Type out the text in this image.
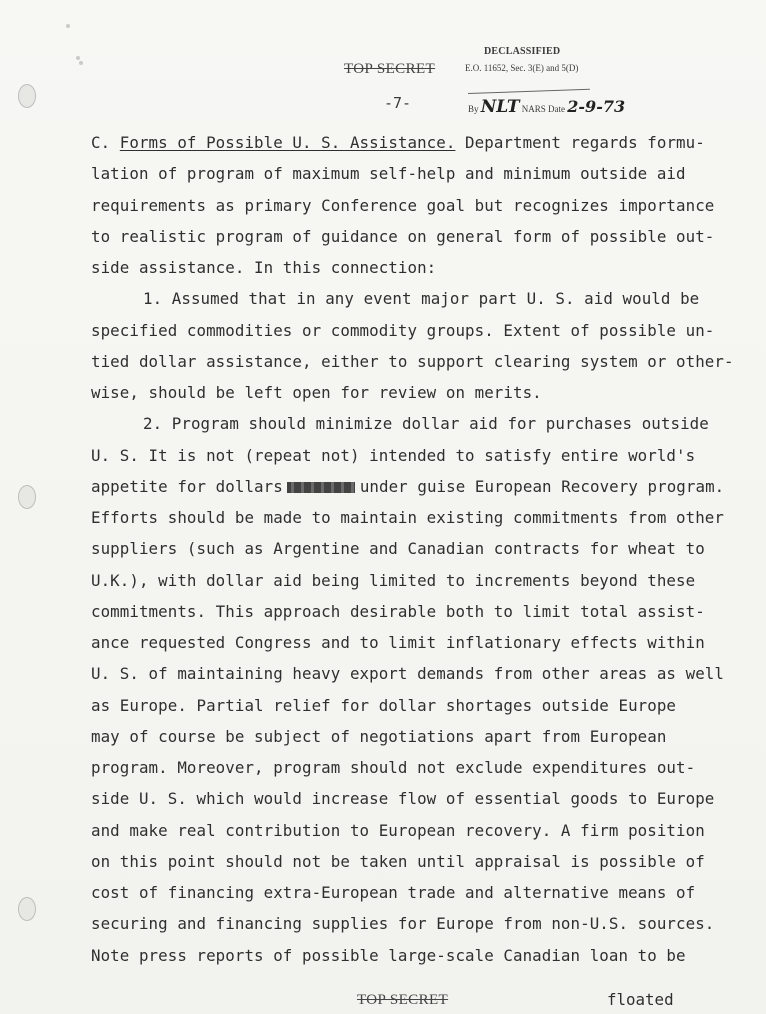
DECLASSIFIED
E.O. 11652, Sec. 3(E) and 5(D)
By NLT NARS Date 2-9-73
TOP SECRET
-7-
C. Forms of Possible U. S. Assistance. Department regards formu-
lation of program of maximum self-help and minimum outside aid
requirements as primary Conference goal but recognizes importance
to realistic program of guidance on general form of possible out-
side assistance. In this connection:
1. Assumed that in any event major part U. S. aid would be
specified commodities or commodity groups. Extent of possible un-
tied dollar assistance, either to support clearing system or other-
wise, should be left open for review on merits.
2. Program should minimize dollar aid for purchases outside
U. S. It is not (repeat not) intended to satisfy entire world's
appetite for dollars	under guise European Recovery program.
Efforts should be made to maintain existing commitments from other
suppliers (such as Argentine and Canadian contracts for wheat to
U.K.), with dollar aid being limited to increments beyond these
commitments. This approach desirable both to limit total assist-
ance requested Congress and to limit inflationary effects within
U. S. of maintaining heavy export demands from other areas as well
as Europe. Partial relief for dollar shortages outside Europe
may of course be subject of negotiations apart from European
program. Moreover, program should not exclude expenditures out-
side U. S. which would increase flow of essential goods to Europe
and make real contribution to European recovery. A firm position
on this point should not be taken until appraisal is possible of
cost of financing extra-European trade and alternative means of
securing and financing supplies for Europe from non-U.S. sources.
Note press reports of possible large-scale Canadian loan to be
TOP SECRET	floated
